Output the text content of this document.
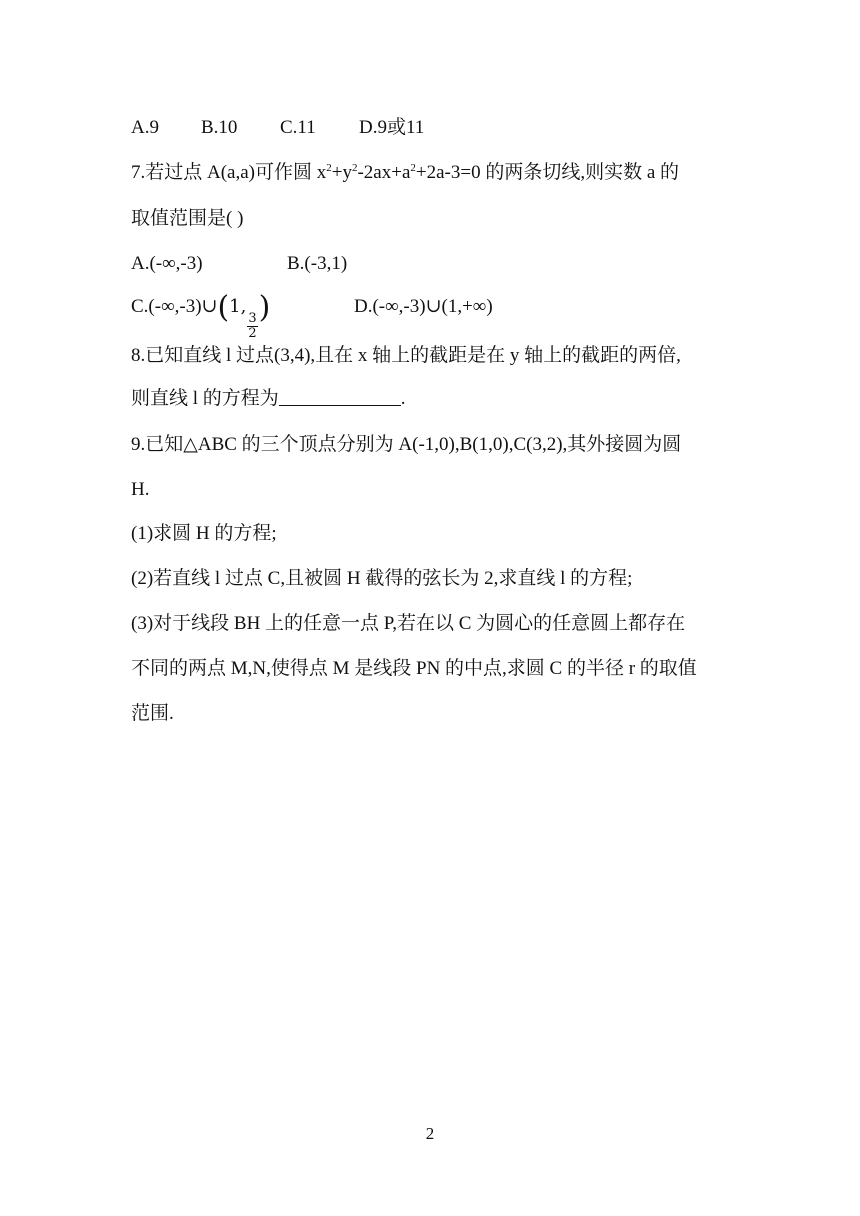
A.9 B.10 C.11 D.9或11
7.若过点 A(a,a)可作圆 $x^2+y^2-2ax+a^2+2a-3=0$ 的两条切线,则实数 a 的
取值范围是( )
A.(-∞,-3)	B.(-3,1)
C.(-∞,-3)∪(1,
$\frac{3}{2}$
)	D.(-∞,-3)∪(1,+∞)
8.已知直线 l 过点(3,4),且在 x 轴上的截距是在 y 轴上的截距的两倍,
则直线 l 的方程为	.
9.已知△ABC 的三个顶点分别为 A(-1,0),B(1,0),C(3,2),其外接圆为圆
H.
(1)求圆 H 的方程;
(2)若直线 l 过点 C,且被圆 H 截得的弦长为 2,求直线 l 的方程;
(3)对于线段 BH 上的任意一点 P,若在以 C 为圆心的任意圆上都存在
不同的两点 M,N,使得点 M 是线段 PN 的中点,求圆 C 的半径 r 的取值
范围.
2
